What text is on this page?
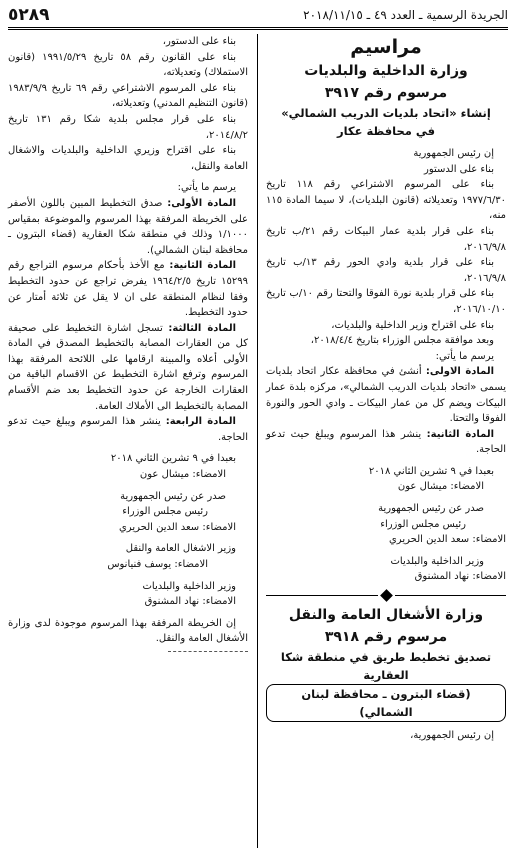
الجريدة الرسمية ـ العدد ٤٩ ـ ٢٠١٨/١١/١٥
٥٢٨٩

مراسيم

وزارة الداخلية والبلديات

مرسوم رقم ٣٩١٧

إنشاء «اتحاد بلديات الدريب الشمالي»

في محافظة عكار

إن رئيس الجمهورية

بناء على الدستور

بناء على المرسوم الاشتراعي رقم ١١٨ تاريخ ١٩٧٧/٦/٣٠ وتعديلاته (قانون البلديات)، لا سيما المادة ١١٥ منه،

بناء على قرار بلدية عمار البيكات رقم ٢١/ب تاريخ ٢٠١٦/٩/٨،

بناء على قرار بلدية وادي الحور رقم ١٣/ب تاريخ ٢٠١٦/٩/٨،

بناء على قرار بلدية نورة الفوقا والتحتا رقم ١٠/ب تاريخ ٢٠١٦/١٠/١٠،

بناء على اقتراح وزير الداخلية والبلديات،

وبعد موافقة مجلس الوزراء بتاريخ ٢٠١٨/٤/٤،

يرسم ما يأتي:

المادة الاولى: أنشئ في محافظة عكار اتحاد بلديات يسمى «اتحاد بلديات الدريب الشمالي»، مركزه بلدة عمار البيكات ويضم كل من عمار البيكات ـ وادي الحور والنورة الفوقا والتحتا.

المادة الثانية: ينشر هذا المرسوم ويبلغ حيث تدعو الحاجة.

بعبدا في ٩ تشرين الثاني ٢٠١٨

الامضاء: ميشال عون

صدر عن رئيس الجمهورية

رئيس مجلس الوزراء

الامضاء: سعد الدين الحريري

وزير الداخلية والبلديات

الامضاء: نهاد المشنوق

وزارة الأشغال العامة والنقل

مرسوم رقم ٣٩١٨

تصديق تخطيط طريق في منطقة شكا العقارية

(قضاء البترون ـ محافظة لبنان الشمالي)

إن رئيس الجمهورية،

بناء على الدستور،

بناء على القانون رقم ٥٨ تاريخ ١٩٩١/٥/٢٩ (قانون الاستملاك) وتعديلاته،

بناء على المرسوم الاشتراعي رقم ٦٩ تاريخ ١٩٨٣/٩/٩ (قانون التنظيم المدني) وتعديلاته،

بناء على قرار مجلس بلدية شكا رقم ١٣١ تاريخ ٢٠١٤/٨/٢،

بناء على اقتراح وزيري الداخلية والبلديات والاشغال العامة والنقل،

يرسم ما يأتي:

المادة الأولى: صدق التخطيط المبين باللون الأصفر على الخريطة المرفقة بهذا المرسوم والموضوعة بمقياس ١/١٠٠٠ وذلك في منطقة شكا العقارية (قضاء البترون ـ محافظة لبنان الشمالي).

المادة الثانية: مع الأخذ بأحكام مرسوم التراجع رقم ١٥٢٩٩ تاريخ ١٩٦٤/٢/٥ يفرض تراجع عن حدود التخطيط وفقا لنظام المنطقة على ان لا يقل عن ثلاثة أمتار عن حدود التخطيط.

المادة الثالثة: تسجل اشارة التخطيط على صحيفة كل من العقارات المصابة بالتخطيط المصدق في المادة الأولى أعلاه والمبينة ارقامها على اللائحة المرفقة بهذا المرسوم وترفع اشارة التخطيط عن الاقسام الباقية من العقارات الخارجة عن حدود التخطيط بعد ضم الأقسام المصابة بالتخطيط الى الأملاك العامة.

المادة الرابعة: ينشر هذا المرسوم ويبلغ حيث تدعو الحاجة.

بعبدا في ٩ تشرين الثاني ٢٠١٨

الامضاء: ميشال عون

صدر عن رئيس الجمهورية

رئيس مجلس الوزراء

الامضاء: سعد الدين الحريري

وزير الاشغال العامة والنقل

الامضاء: يوسف فنيانوس

وزير الداخلية والبلديات

الامضاء: نهاد المشنوق

إن الخريطة المرفقة بهذا المرسوم موجودة لدى وزارة الأشغال العامة والنقل.
